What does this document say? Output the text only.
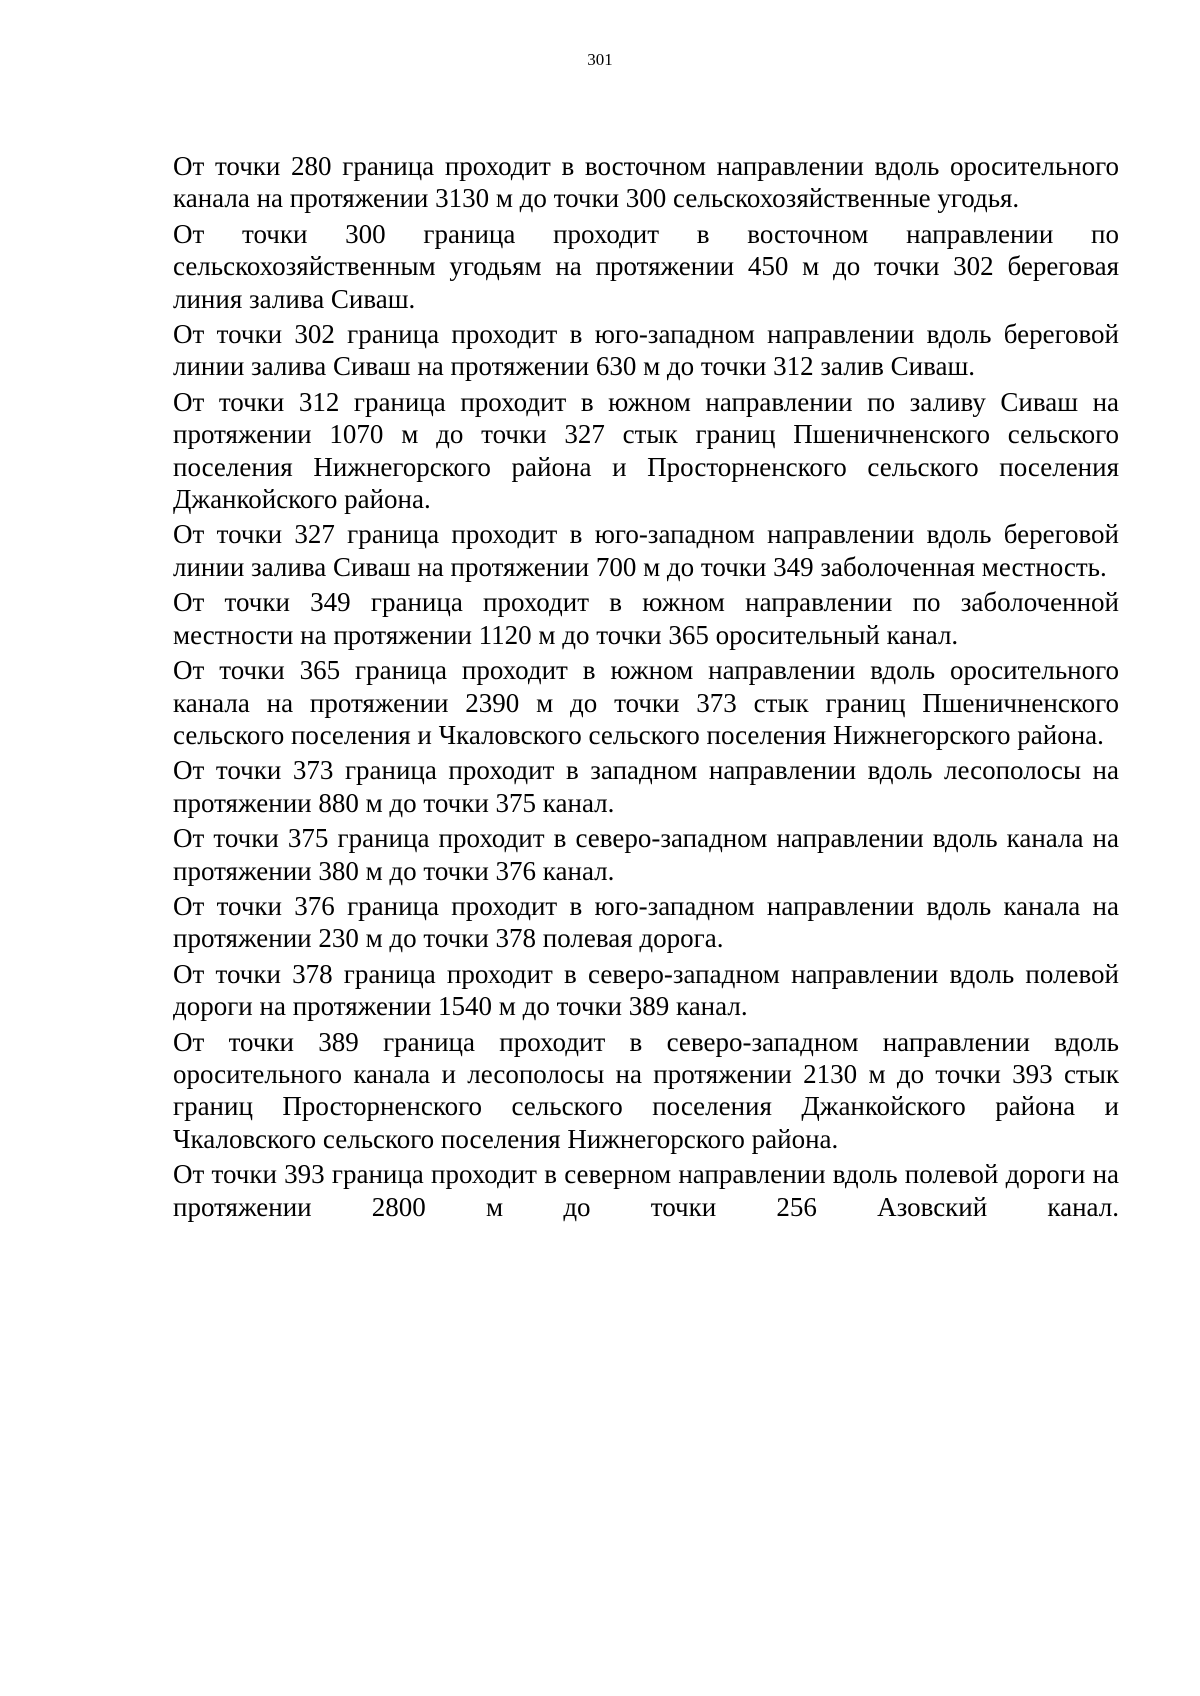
301

От точки 280 граница проходит в восточном направлении вдоль оросительного канала на протяжении 3130 м до точки 300 сельскохозяйственные угодья.

От точки 300 граница проходит в восточном направлении по сельскохозяйственным угодьям на протяжении 450 м до точки 302 береговая линия залива Сиваш.

От точки 302 граница проходит в юго-западном направлении вдоль береговой линии залива Сиваш на протяжении 630 м до точки 312 залив Сиваш.

От точки 312 граница проходит в южном направлении по заливу Сиваш на протяжении 1070 м до точки 327 стык границ Пшеничненского сельского поселения Нижнегорского района и Просторненского сельского поселения Джанкойского района.

От точки 327 граница проходит в юго-западном направлении вдоль береговой линии залива Сиваш на протяжении 700 м до точки 349 заболоченная местность.

От точки 349 граница проходит в южном направлении по заболоченной местности на протяжении 1120 м до точки 365 оросительный канал.

От точки 365 граница проходит в южном направлении вдоль оросительного канала на протяжении 2390 м до точки 373 стык границ Пшеничненского сельского поселения и Чкаловского сельского поселения Нижнегорского района.

От точки 373 граница проходит в западном направлении вдоль лесополосы на протяжении 880 м до точки 375 канал.

От точки 375 граница проходит в северо-западном направлении вдоль канала на протяжении 380 м до точки 376 канал.

От точки 376 граница проходит в юго-западном направлении вдоль канала на протяжении 230 м до точки 378 полевая дорога.

От точки 378 граница проходит в северо-западном направлении вдоль полевой дороги на протяжении 1540 м до точки 389 канал.

От точки 389 граница проходит в северо-западном направлении вдоль оросительного канала и лесополосы на протяжении 2130 м до точки 393 стык границ Просторненского сельского поселения Джанкойского района и Чкаловского сельского поселения Нижнегорского района.

От точки 393 граница проходит в северном направлении вдоль полевой дороги на протяжении 2800 м до точки 256 Азовский канал.
